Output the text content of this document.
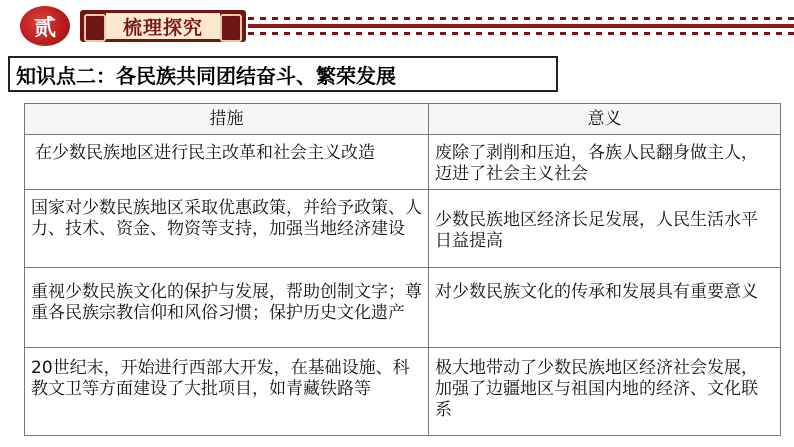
贰	梳理探究
知识点二：各民族共同团结奋斗、繁荣发展
措施	意义

在少数民族地区进行民主改革和社会主义改造	废除了剥削和压迫，各族人民翻身做主人，迈进了社会主义社会

国家对少数民族地区采取优惠政策，并给予政策、人力、技术、资金、物资等支持，加强当地经济建设	少数民族地区经济长足发展，人民生活水平日益提高

重视少数民族文化的保护与发展，帮助创制文字；尊重各民族宗教信仰和风俗习惯；保护历史文化遗产	对少数民族文化的传承和发展具有重要意义

20世纪末，开始进行西部大开发，在基础设施、科教文卫等方面建设了大批项目，如青藏铁路等	极大地带动了少数民族地区经济社会发展，加强了边疆地区与祖国内地的经济、文化联系
